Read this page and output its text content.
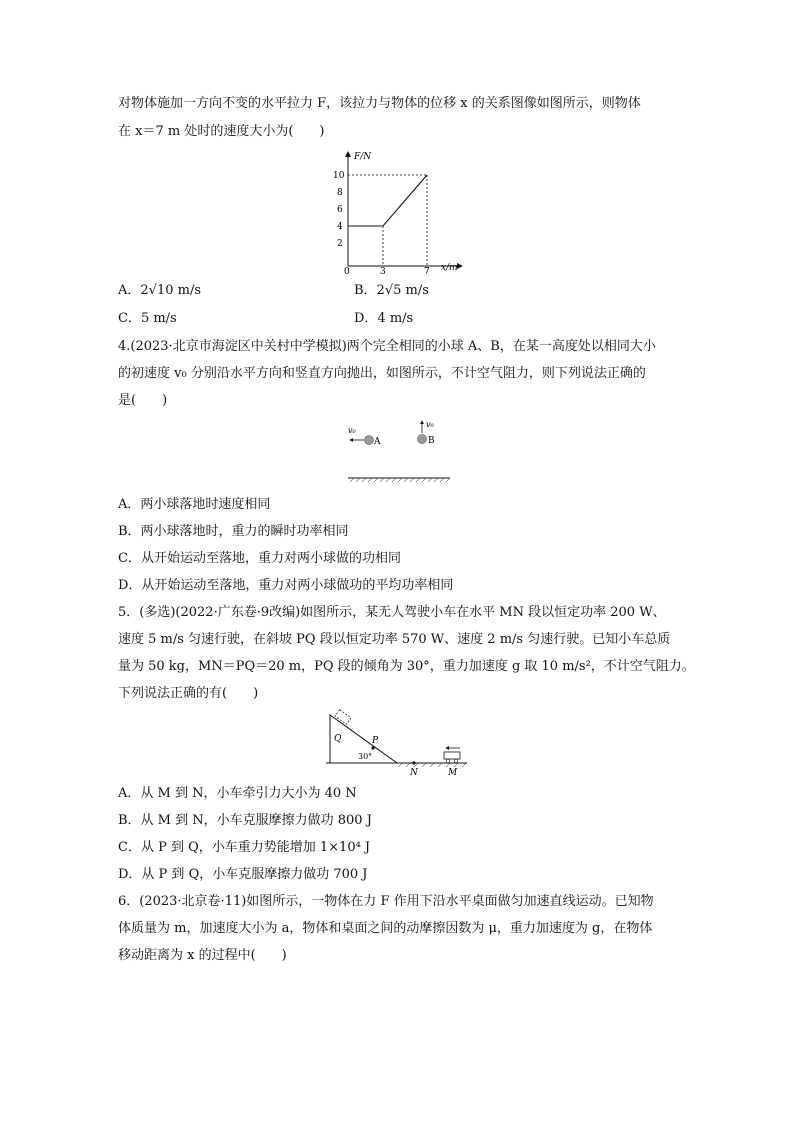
对物体施加一方向不变的水平拉力 F，该拉力与物体的位移 x 的关系图像如图所示，则物体
在 x＝7 m 处时的速度大小为(　　)
F/N
x/m
10
8
6
4
2
0	3	7
A．2√10 m/s	B．2√5 m/s
C．5 m/s	D．4 m/s
4.(2023·北京市海淀区中关村中学模拟)两个完全相同的小球 A、B，在某一高度处以相同大小
的初速度 v₀ 分别沿水平方向和竖直方向抛出，如图所示，不计空气阻力，则下列说法正确的
是(　　)
v₀
A
v₀
B
A．两小球落地时速度相同
B．两小球落地时，重力的瞬时功率相同
C．从开始运动至落地，重力对两小球做的功相同
D．从开始运动至落地，重力对两小球做功的平均功率相同
5．(多选)(2022·广东卷·9改编)如图所示，某无人驾驶小车在水平 MN 段以恒定功率 200 W、
速度 5 m/s 匀速行驶，在斜坡 PQ 段以恒定功率 570 W、速度 2 m/s 匀速行驶。已知小车总质
量为 50 kg，MN＝PQ＝20 m，PQ 段的倾角为 30°，重力加速度 g 取 10 m/s²，不计空气阻力。
下列说法正确的有(　　)
Q	P
30°
N	M
A．从 M 到 N，小车牵引力大小为 40 N
B．从 M 到 N，小车克服摩擦力做功 800 J
C．从 P 到 Q，小车重力势能增加 1×10⁴ J
D．从 P 到 Q，小车克服摩擦力做功 700 J
6．(2023·北京卷·11)如图所示，一物体在力 F 作用下沿水平桌面做匀加速直线运动。已知物
体质量为 m，加速度大小为 a，物体和桌面之间的动摩擦因数为 μ，重力加速度为 g，在物体
移动距离为 x 的过程中(　　)
